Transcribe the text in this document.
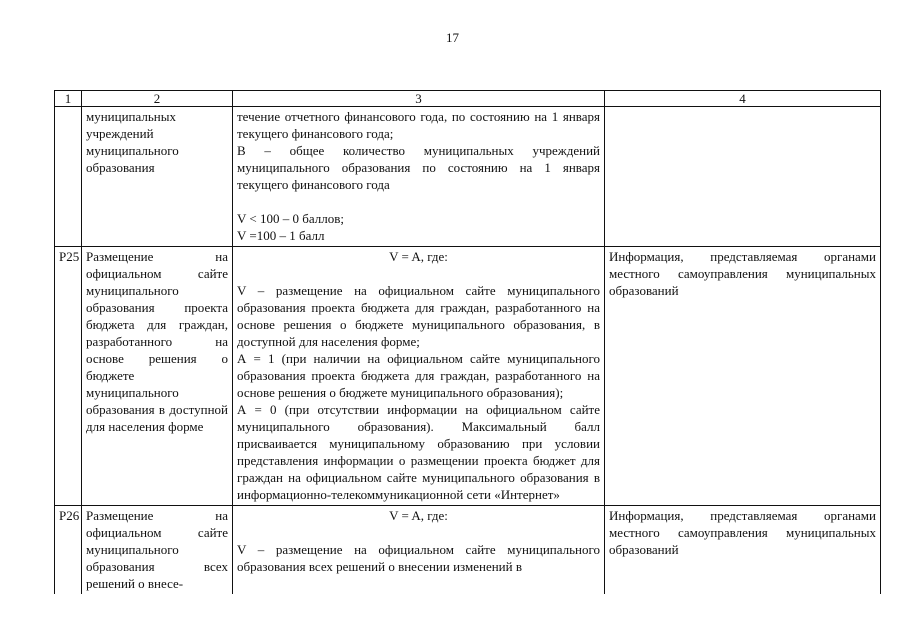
17
1	2	3	4
	муниципальных учреждений муниципального образования	течение отчетного финансового года, по состоянию на 1 января текущего финансового года;
В – общее количество муниципальных учреждений муниципального образования по состоянию на 1 января текущего финансового года
V < 100 – 0 баллов;
V =100 – 1 балл	

Р25	Размещение на официальном сайте муниципального образования проекта бюджета для граждан, разработанного на основе решения о бюджете муниципального образования в доступной для населения форме	V = A, где:
V – размещение на официальном сайте муниципального образования проекта бюджета для граждан, разработанного на основе решения о бюджете муниципального образования, в доступной для населения форме;
А = 1 (при наличии на официальном сайте муниципального образования проекта бюджета для граждан, разработанного на основе решения о бюджете муниципального образования);
А = 0 (при отсутствии информации на официальном сайте муниципального образования). Максимальный балл присваивается муниципальному образованию при условии представления информации о размещении проекта бюджет для граждан на официальном сайте муниципального образования в информационно-телекоммуникационной сети «Интернет»	Информация, представляемая органами местного самоуправления муниципальных образований
Р26	Размещение на официальном сайте муниципального образования всех решений о внесе-	V = A, где:
V – размещение на официальном сайте муниципального образования всех решений о внесении изменений в	Информация, представляемая органами местного самоуправления муниципальных образований
